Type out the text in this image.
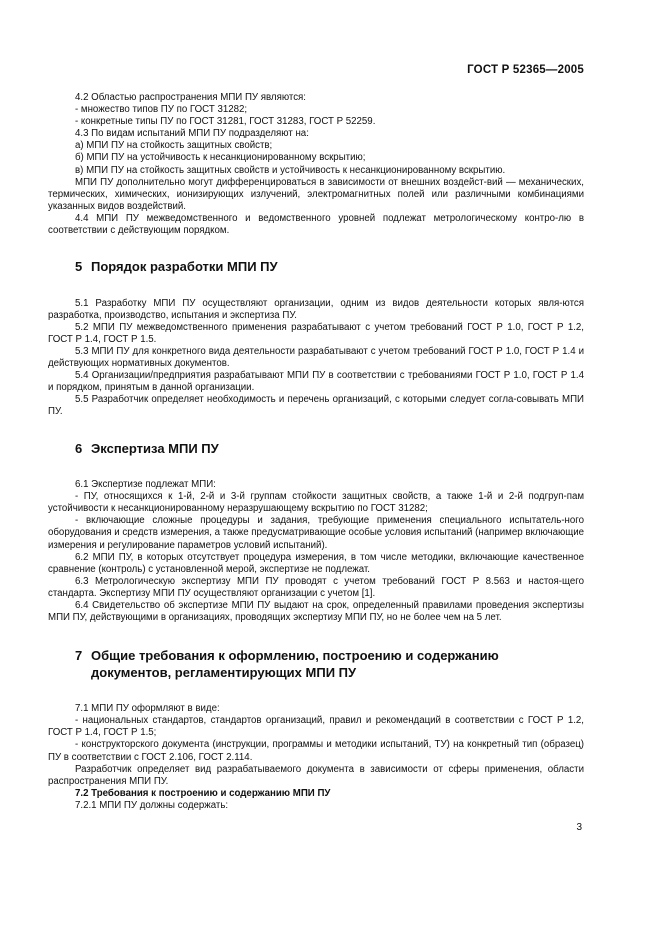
ГОСТ Р 52365—2005

4.2 Областью распространения МПИ ПУ являются:

- множество типов ПУ по ГОСТ 31282;

- конкретные типы ПУ по ГОСТ 31281, ГОСТ 31283, ГОСТ Р 52259.

4.3 По видам испытаний МПИ ПУ подразделяют на:

а) МПИ ПУ на стойкость защитных свойств;

б) МПИ ПУ на устойчивость к несанкционированному вскрытию;

в) МПИ ПУ на стойкость защитных свойств и устойчивость к несанкционированному вскрытию.

МПИ ПУ дополнительно могут дифференцироваться в зависимости от внешних воздейст-вий — механических, термических, химических, ионизирующих излучений, электромагнитных полей или различными комбинациями указанных видов воздействий.

4.4 МПИ ПУ межведомственного и ведомственного уровней подлежат метрологическому контро-лю в соответствии с действующим порядком.

5 Порядок разработки МПИ ПУ

5.1 Разработку МПИ ПУ осуществляют организации, одним из видов деятельности которых явля-ются разработка, производство, испытания и экспертиза ПУ.

5.2 МПИ ПУ межведомственного применения разрабатывают с учетом требований ГОСТ Р 1.0, ГОСТ Р 1.2, ГОСТ Р 1.4, ГОСТ Р 1.5.

5.3 МПИ ПУ для конкретного вида деятельности разрабатывают с учетом требований ГОСТ Р 1.0, ГОСТ Р 1.4 и действующих нормативных документов.

5.4 Организации/предприятия разрабатывают МПИ ПУ в соответствии с требованиями ГОСТ Р 1.0, ГОСТ Р 1.4 и порядком, принятым в данной организации.

5.5 Разработчик определяет необходимость и перечень организаций, с которыми следует согла-совывать МПИ ПУ.

6 Экспертиза МПИ ПУ

6.1 Экспертизе подлежат МПИ:

- ПУ, относящихся к 1-й, 2-й и 3-й группам стойкости защитных свойств, а также 1-й и 2-й подгруп-пам устойчивости к несанкционированному неразрушающему вскрытию по ГОСТ 31282;

- включающие сложные процедуры и задания, требующие применения специального испытатель-ного оборудования и средств измерения, а также предусматривающие особые условия испытаний (например включающие измерения и регулирование параметров условий испытаний).

6.2 МПИ ПУ, в которых отсутствует процедура измерения, в том числе методики, включающие качественное сравнение (контроль) с установленной мерой, экспертизе не подлежат.

6.3 Метрологическую экспертизу МПИ ПУ проводят с учетом требований ГОСТ Р 8.563 и настоя-щего стандарта. Экспертизу МПИ ПУ осуществляют организации с учетом [1].

6.4 Свидетельство об экспертизе МПИ ПУ выдают на срок, определенный правилами проведения экспертизы МПИ ПУ, действующими в организациях, проводящих экспертизу МПИ ПУ, но не более чем на 5 лет.

7 Общие требования к оформлению, построению и содержанию
документов, регламентирующих МПИ ПУ

7.1 МПИ ПУ оформляют в виде:

- национальных стандартов, стандартов организаций, правил и рекомендаций в соответствии с ГОСТ Р 1.2, ГОСТ Р 1.4, ГОСТ Р 1.5;

- конструкторского документа (инструкции, программы и методики испытаний, ТУ) на конкретный тип (образец) ПУ в соответствии с ГОСТ 2.106, ГОСТ 2.114.

Разработчик определяет вид разрабатываемого документа в зависимости от сферы применения, области распространения МПИ ПУ.

7.2 Требования к построению и содержанию МПИ ПУ

7.2.1 МПИ ПУ должны содержать:

3
